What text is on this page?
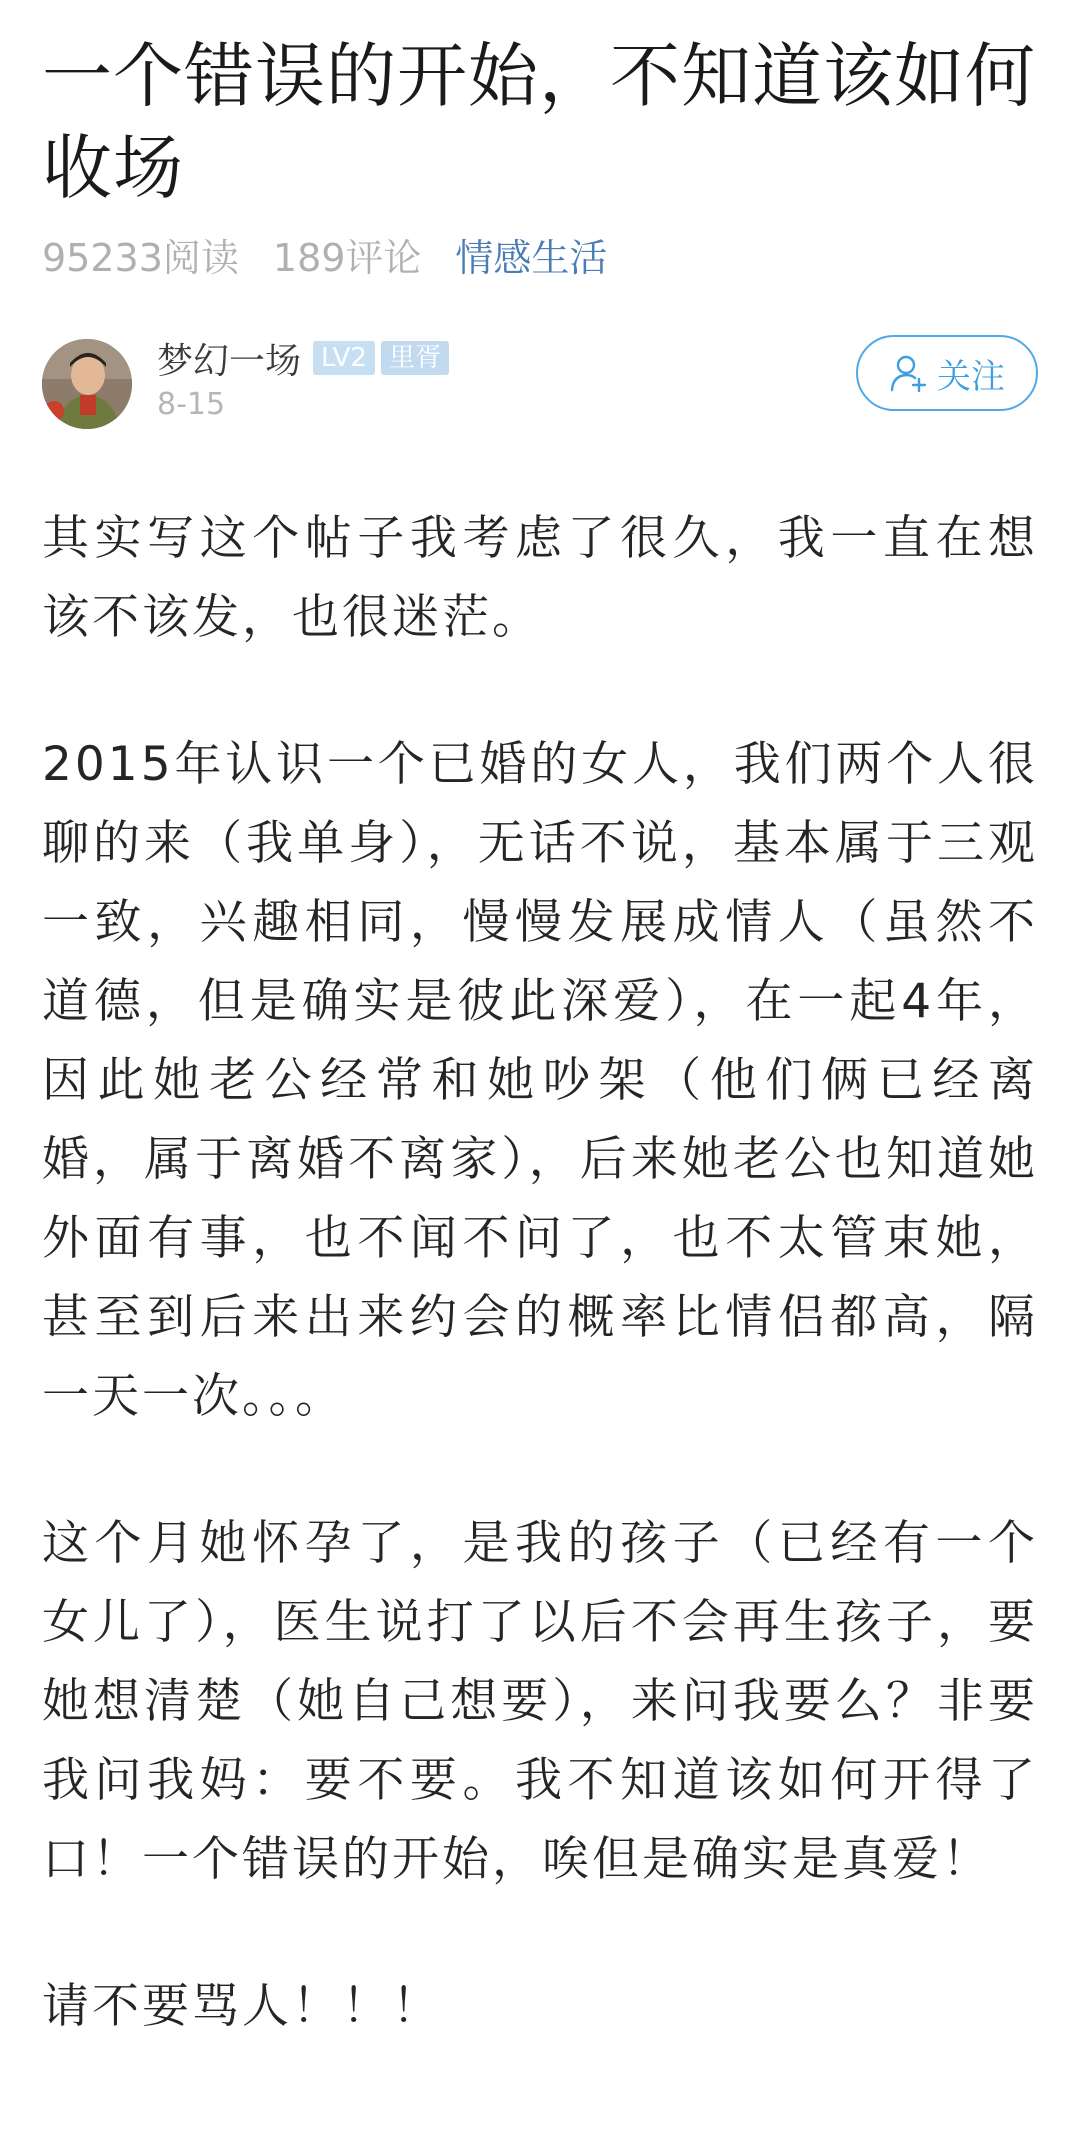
一个错误的开始，不知道该如何收场
95233阅读 189评论 情感生活
梦幻一场 LV2 里胥
8-15
关注

其实写这个帖子我考虑了很久，我一直在想该不该发，也很迷茫。

2015年认识一个已婚的女人，我们两个人很聊的来（我单身），无话不说，基本属于三观一致，兴趣相同，慢慢发展成情人（虽然不道德，但是确实是彼此深爱），在一起4年，因此她老公经常和她吵架（他们俩已经离婚，属于离婚不离家），后来她老公也知道她外面有事，也不闻不问了，也不太管束她，甚至到后来出来约会的概率比情侣都高，隔一天一次。。。

这个月她怀孕了，是我的孩子（已经有一个女儿了），医生说打了以后不会再生孩子，要她想清楚（她自己想要），来问我要么？非要我问我妈：要不要。我不知道该如何开得了口！一个错误的开始，唉但是确实是真爱！

请不要骂人！！！
